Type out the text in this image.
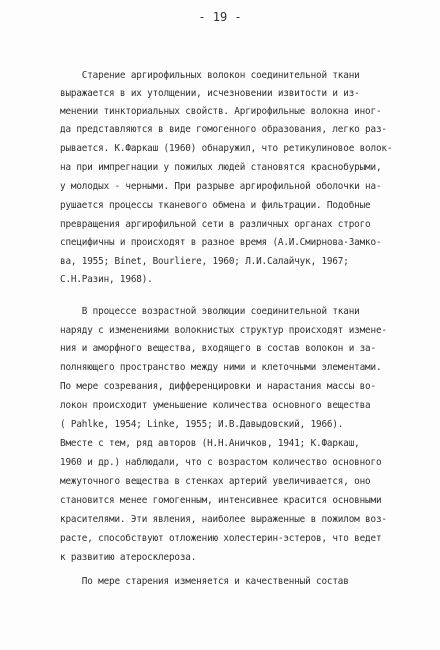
- 19 -
Старение аргирофильных волокон соединительной ткани
выражается в их утолщении, исчезновении извитости и из-
менении тинкториальных свойств. Аргирофильные волокна иног-
да представляются в виде гомогенного образования, легко раз-
рывается. К.Фаркаш (1960) обнаружил, что ретикулиновое волок-
на при импрегнации у пожилых людей становятся краснобурыми,
у молодых - черными. При разрыве аргирофильной оболочки на-
рушается процессы тканевого обмена и фильтрации. Подобные
превращения аргирофильной сети в различных органах строго
специфичны и происходят в разное время (А.И.Смирнова-Замко-
ва, 1955; Binet, Bourliere, 1960; Л.И.Салайчук, 1967;
С.Н.Разин, 1968).
В процессе возрастной эволюции соединительной ткани
наряду с изменениями волокнистых структур происходят измене-
ния и аморфного вещества, входящего в состав волокон и за-
полняющего пространство между ними и клеточными элементами.
По мере созревания, дифференцировки и нарастания массы во-
локон происходит уменьшение количества основного вещества
( Pahlke, 1954; Linke, 1955; И.В.Давыдовский, 1966).
Вместе с тем, ряд авторов (Н.Н.Аничков, 1941; К.Фаркаш,
1960 и др.) наблюдали, что с возрастом количество основного
межуточного вещества в стенках артерий увеличивается, оно
становится менее гомогенным, интенсивнее красится основными
красителями. Эти явления, наиболее выраженные в пожилом воз-
расте, способствуют отложению холестерин-эстеров, что ведет
к развитию атеросклероза.
По мере старения изменяется и качественный состав
